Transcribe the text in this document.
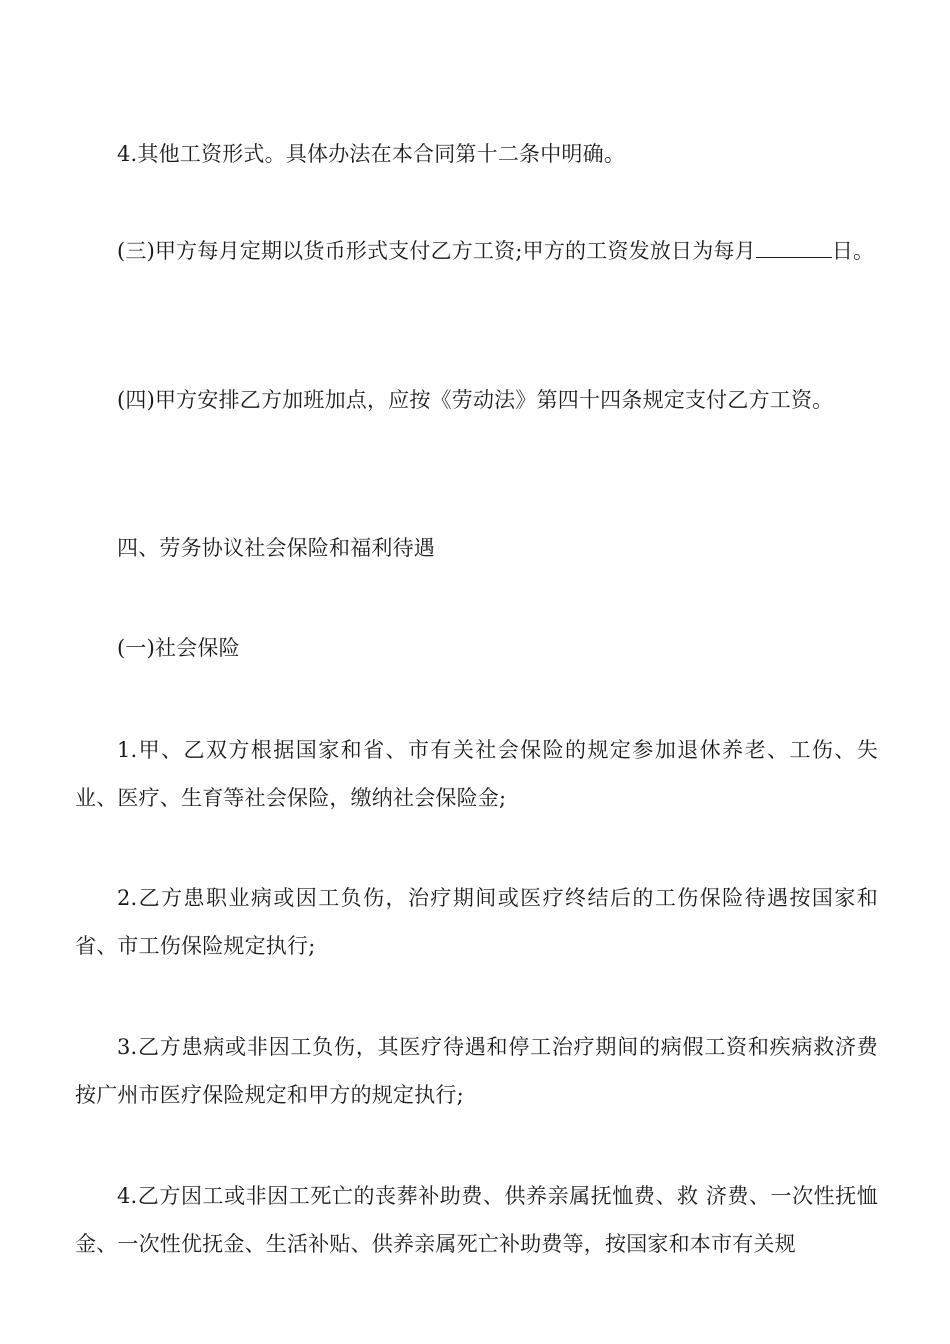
4.其他工资形式。具体办法在本合同第十二条中明确。

(三)甲方每月定期以货币形式支付乙方工资;甲方的工资发放日为每月	日。

(四)甲方安排乙方加班加点，应按《劳动法》第四十四条规定支付乙方工资。

四、劳务协议社会保险和福利待遇

(一)社会保险

1.甲、乙双方根据国家和省、市有关社会保险的规定参加退休养老、工伤、失业、医疗、生育等社会保险，缴纳社会保险金;

2.乙方患职业病或因工负伤，治疗期间或医疗终结后的工伤保险待遇按国家和省、市工伤保险规定执行;

3.乙方患病或非因工负伤，其医疗待遇和停工治疗期间的病假工资和疾病救济费按广州市医疗保险规定和甲方的规定执行;

4.乙方因工或非因工死亡的丧葬补助费、供养亲属抚恤费、救 济费、一次性抚恤金、一次性优抚金、生活补贴、供养亲属死亡补助费等，按国家和本市有关规
